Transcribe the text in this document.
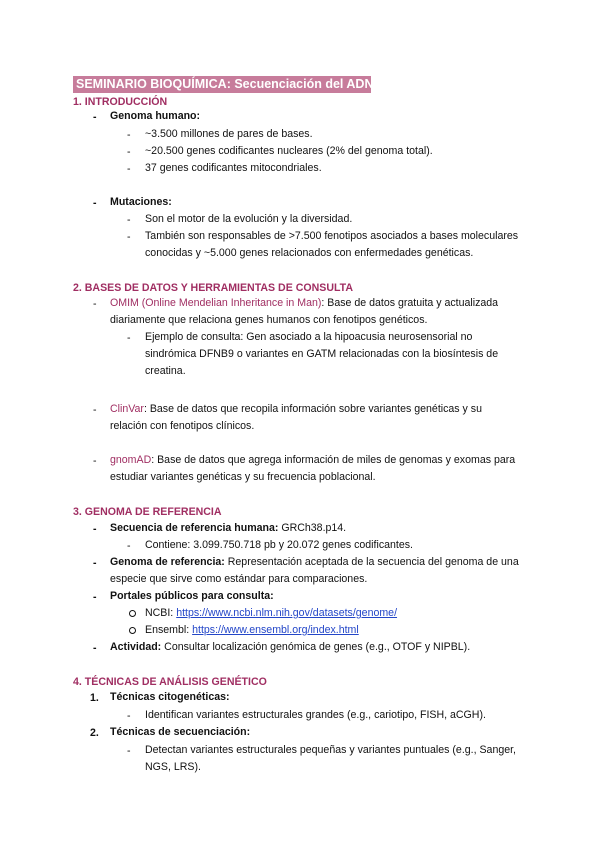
SEMINARIO BIOQUÍMICA: Secuenciación del ADN
1. INTRODUCCIÓN
- Genoma humano:
- ~3.500 millones de pares de bases.
- ~20.500 genes codificantes nucleares (2% del genoma total).
- 37 genes codificantes mitocondriales.
- Mutaciones:
- Son el motor de la evolución y la diversidad.
- También son responsables de >7.500 fenotipos asociados a bases moleculares
conocidas y ~5.000 genes relacionados con enfermedades genéticas.
2. BASES DE DATOS Y HERRAMIENTAS DE CONSULTA
- OMIM (Online Mendelian Inheritance in Man): Base de datos gratuita y actualizada
diariamente que relaciona genes humanos con fenotipos genéticos.
- Ejemplo de consulta: Gen asociado a la hipoacusia neurosensorial no
sindrómica DFNB9 o variantes en GATM relacionadas con la biosíntesis de
creatina.
- ClinVar: Base de datos que recopila información sobre variantes genéticas y su
relación con fenotipos clínicos.
- gnomAD: Base de datos que agrega información de miles de genomas y exomas para
estudiar variantes genéticas y su frecuencia poblacional.
3. GENOMA DE REFERENCIA
- Secuencia de referencia humana: GRCh38.p14.
- Contiene: 3.099.750.718 pb y 20.072 genes codificantes.
- Genoma de referencia: Representación aceptada de la secuencia del genoma de una
especie que sirve como estándar para comparaciones.
- Portales públicos para consulta:
NCBI: https://www.ncbi.nlm.nih.gov/datasets/genome/
Ensembl: https://www.ensembl.org/index.html
- Actividad: Consultar localización genómica de genes (e.g., OTOF y NIPBL).
4. TÉCNICAS DE ANÁLISIS GENÉTICO
1. Técnicas citogenéticas:
- Identifican variantes estructurales grandes (e.g., cariotipo, FISH, aCGH).
2. Técnicas de secuenciación:
- Detectan variantes estructurales pequeñas y variantes puntuales (e.g., Sanger,
NGS, LRS).
